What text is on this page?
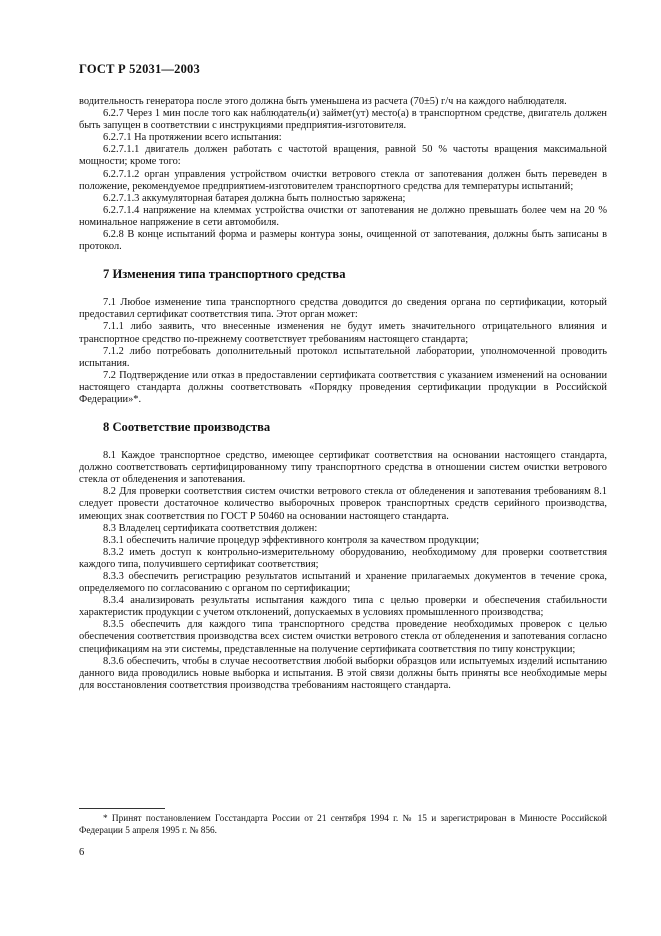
ГОСТ Р 52031—2003

водительность генератора после этого должна быть уменьшена из расчета (70±5) г/ч на каждого наблюдателя.

6.2.7 Через 1 мин после того как наблюдатель(и) займет(ут) место(а) в транспортном средстве, двигатель должен быть запущен в соответствии с инструкциями предприятия-изготовителя.

6.2.7.1 На протяжении всего испытания:

6.2.7.1.1 двигатель должен работать с частотой вращения, равной 50 % частоты вращения максимальной мощности; кроме того:

6.2.7.1.2 орган управления устройством очистки ветрового стекла от запотевания должен быть переведен в положение, рекомендуемое предприятием-изготовителем транспортного средства для температуры испытаний;

6.2.7.1.3 аккумуляторная батарея должна быть полностью заряжена;

6.2.7.1.4 напряжение на клеммах устройства очистки от запотевания не должно превышать более чем на 20 % номинальное напряжение в сети автомобиля.

6.2.8 В конце испытаний форма и размеры контура зоны, очищенной от запотевания, должны быть записаны в протокол.

7 Изменения типа транспортного средства

7.1 Любое изменение типа транспортного средства доводится до сведения органа по сертификации, который предоставил сертификат соответствия типа. Этот орган может:

7.1.1 либо заявить, что внесенные изменения не будут иметь значительного отрицательного влияния и транспортное средство по-прежнему соответствует требованиям настоящего стандарта;

7.1.2 либо потребовать дополнительный протокол испытательной лаборатории, уполномоченной проводить испытания.

7.2 Подтверждение или отказ в предоставлении сертификата соответствия с указанием изменений на основании настоящего стандарта должны соответствовать «Порядку проведения сертификации продукции в Российской Федерации»*.

8 Соответствие производства

8.1 Каждое транспортное средство, имеющее сертификат соответствия на основании настоящего стандарта, должно соответствовать сертифицированному типу транспортного средства в отношении систем очистки ветрового стекла от обледенения и запотевания.

8.2 Для проверки соответствия систем очистки ветрового стекла от обледенения и запотевания требованиям 8.1 следует провести достаточное количество выборочных проверок транспортных средств серийного производства, имеющих знак соответствия по ГОСТ Р 50460 на основании настоящего стандарта.

8.3 Владелец сертификата соответствия должен:

8.3.1 обеспечить наличие процедур эффективного контроля за качеством продукции;

8.3.2 иметь доступ к контрольно-измерительному оборудованию, необходимому для проверки соответствия каждого типа, получившего сертификат соответствия;

8.3.3 обеспечить регистрацию результатов испытаний и хранение прилагаемых документов в течение срока, определяемого по согласованию с органом по сертификации;

8.3.4 анализировать результаты испытания каждого типа с целью проверки и обеспечения стабильности характеристик продукции с учетом отклонений, допускаемых в условиях промышленного производства;

8.3.5 обеспечить для каждого типа транспортного средства проведение необходимых проверок с целью обеспечения соответствия производства всех систем очистки ветрового стекла от обледенения и запотевания согласно спецификациям на эти системы, представленные на получение сертификата соответствия по типу конструкции;

8.3.6 обеспечить, чтобы в случае несоответствия любой выборки образцов или испытуемых изделий испытанию данного вида проводились новые выборка и испытания. В этой связи должны быть приняты все необходимые меры для восстановления соответствия производства требованиям настоящего стандарта.

* Принят постановлением Госстандарта России от 21 сентября 1994 г. № 15 и зарегистрирован в Минюсте Российской Федерации 5 апреля 1995 г. № 856.

6
